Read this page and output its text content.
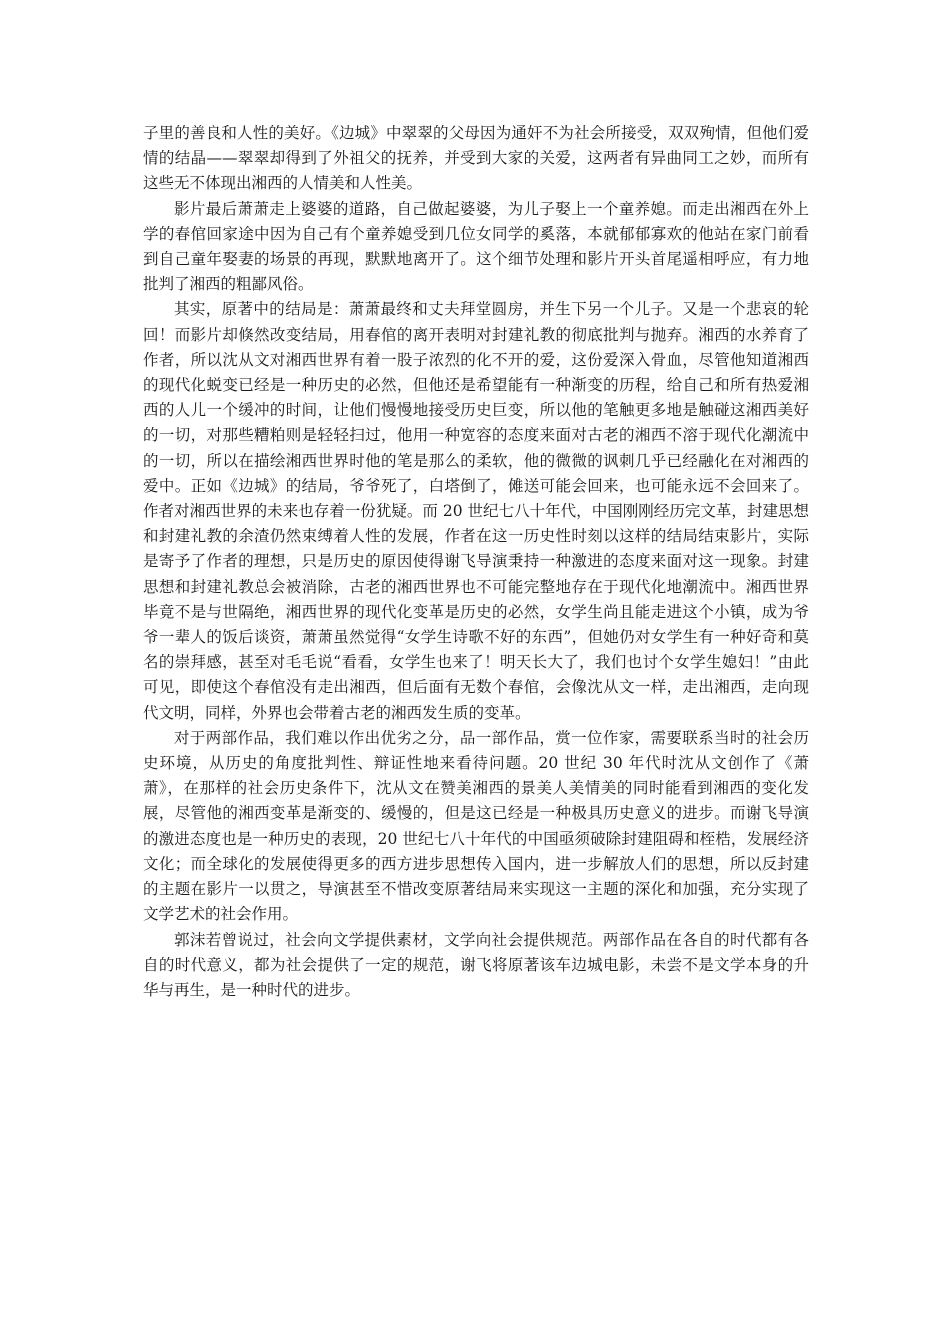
子里的善良和人性的美好。《边城》中翠翠的父母因为通奸不为社会所接受，双双殉情，但他们爱情的结晶——翠翠却得到了外祖父的抚养，并受到大家的关爱，这两者有异曲同工之妙，而所有这些无不体现出湘西的人情美和人性美。

影片最后萧萧走上婆婆的道路，自己做起婆婆，为儿子娶上一个童养媳。而走出湘西在外上学的春倌回家途中因为自己有个童养媳受到几位女同学的奚落，本就郁郁寡欢的他站在家门前看到自己童年娶妻的场景的再现，默默地离开了。这个细节处理和影片开头首尾遥相呼应，有力地批判了湘西的粗鄙风俗。

其实，原著中的结局是：萧萧最终和丈夫拜堂圆房，并生下另一个儿子。又是一个悲哀的轮回！而影片却倏然改变结局，用春倌的离开表明对封建礼教的彻底批判与抛弃。湘西的水养育了作者，所以沈从文对湘西世界有着一股子浓烈的化不开的爱，这份爱深入骨血，尽管他知道湘西的现代化蜕变已经是一种历史的必然，但他还是希望能有一种渐变的历程，给自己和所有热爱湘西的人儿一个缓冲的时间，让他们慢慢地接受历史巨变，所以他的笔触更多地是触碰这湘西美好的一切，对那些糟粕则是轻轻扫过，他用一种宽容的态度来面对古老的湘西不溶于现代化潮流中的一切，所以在描绘湘西世界时他的笔是那么的柔软，他的微微的讽刺几乎已经融化在对湘西的爱中。正如《边城》的结局，爷爷死了，白塔倒了，傩送可能会回来，也可能永远不会回来了。作者对湘西世界的未来也存着一份犹疑。而 20 世纪七八十年代，中国刚刚经历完文革，封建思想和封建礼教的余渣仍然束缚着人性的发展，作者在这一历史性时刻以这样的结局结束影片，实际是寄予了作者的理想，只是历史的原因使得谢飞导演秉持一种激进的态度来面对这一现象。封建思想和封建礼教总会被消除，古老的湘西世界也不可能完整地存在于现代化地潮流中。湘西世界毕竟不是与世隔绝，湘西世界的现代化变革是历史的必然，女学生尚且能走进这个小镇，成为爷爷一辈人的饭后谈资，萧萧虽然觉得“女学生诗歌不好的东西”，但她仍对女学生有一种好奇和莫名的崇拜感，甚至对毛毛说“看看，女学生也来了！明天长大了，我们也讨个女学生媳妇！”由此可见，即使这个春倌没有走出湘西，但后面有无数个春倌，会像沈从文一样，走出湘西，走向现代文明，同样，外界也会带着古老的湘西发生质的变革。

对于两部作品，我们难以作出优劣之分，品一部作品，赏一位作家，需要联系当时的社会历史环境，从历史的角度批判性、辩证性地来看待问题。20 世纪 30 年代时沈从文创作了《萧萧》，在那样的社会历史条件下，沈从文在赞美湘西的景美人美情美的同时能看到湘西的变化发展，尽管他的湘西变革是渐变的、缓慢的，但是这已经是一种极具历史意义的进步。而谢飞导演的激进态度也是一种历史的表现，20 世纪七八十年代的中国亟须破除封建阻碍和桎梏，发展经济文化；而全球化的发展使得更多的西方进步思想传入国内，进一步解放人们的思想，所以反封建的主题在影片一以贯之，导演甚至不惜改变原著结局来实现这一主题的深化和加强，充分实现了文学艺术的社会作用。

郭沫若曾说过，社会向文学提供素材，文学向社会提供规范。两部作品在各自的时代都有各自的时代意义，都为社会提供了一定的规范，谢飞将原著该车边城电影，未尝不是文学本身的升华与再生，是一种时代的进步。
